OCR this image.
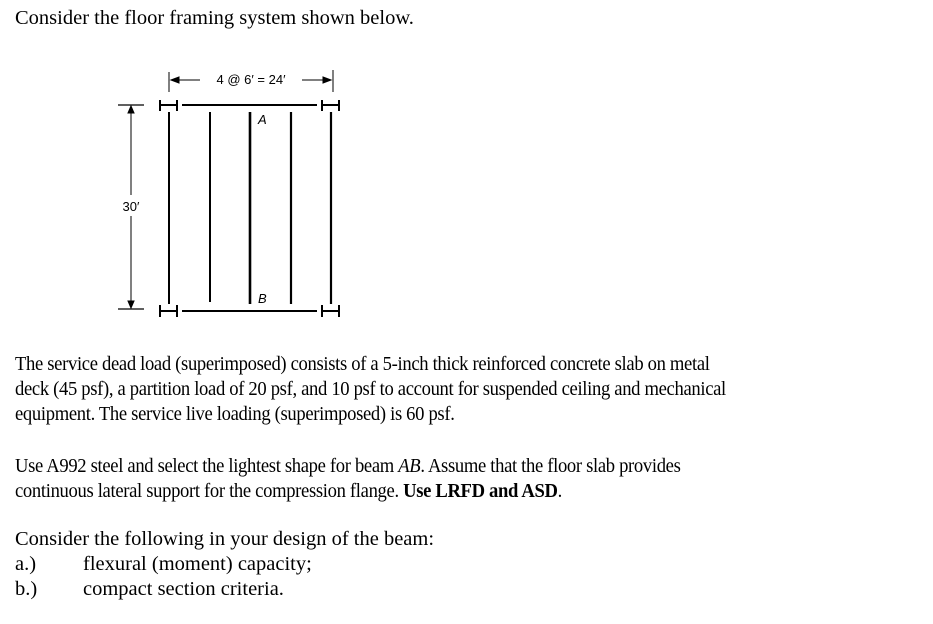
Consider the floor framing system shown below.
4 @ 6′ = 24′
30′
A
B
The service dead load (superimposed) consists of a 5-inch thick reinforced concrete slab on metal
deck (45 psf), a partition load of 20 psf, and 10 psf to account for suspended ceiling and mechanical
equipment. The service live loading (superimposed) is 60 psf.
Use A992 steel and select the lightest shape for beam AB. Assume that the floor slab provides
continuous lateral support for the compression flange. Use LRFD and ASD.
Consider the following in your design of the beam:
a.) flexural (moment) capacity;
b.) compact section criteria.
